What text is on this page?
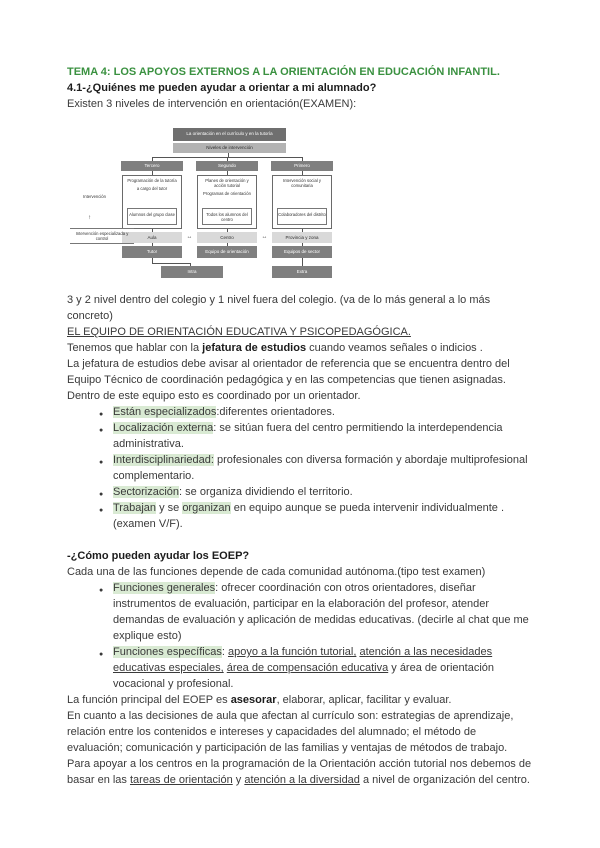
TEMA 4: LOS APOYOS EXTERNOS A LA ORIENTACIÓN EN EDUCACIÓN INFANTIL.
4.1-¿Quiénes me pueden ayudar a orientar a mi alumnado?
Existen 3 niveles de intervención en orientación(EXAMEN):
La orientación en el currículo y en la tutoría
Niveles de intervención
Tercero	Segundo	Primero
Programación de la tutoría
a cargo del tutor
Alumnos del grupo clase
Planes de orientación y acción tutorial
Programas de orientación
Todos los alumnos del centro
Intervención social y comunitaria
Colaboradores del distrito
Aula	Centro	Provincia y zona
↔	↔
Tutor	Equipo de orientación	Equipos de sector
Intra	Extra
Intervención
↑
Intervención especializada y control
3 y 2 nivel dentro del colegio y 1 nivel fuera del colegio. (va de lo más general a lo más concreto)
EL EQUIPO DE ORIENTACIÓN EDUCATIVA Y PSICOPEDAGÓGICA.
Tenemos que hablar con la jefatura de estudios cuando veamos señales o indicios .
La jefatura de estudios debe avisar al orientador de referencia que se encuentra dentro del Equipo Técnico de coordinación pedagógica y en las competencias que tienen asignadas. Dentro de este equipo esto es coordinado por un orientador.
● Están especializados:diferentes orientadores.
● Localización externa: se sitúan fuera del centro permitiendo la interdependencia administrativa.
● Interdisciplinariedad: profesionales con diversa formación y abordaje multiprofesional complementario.
● Sectorización: se organiza dividiendo el territorio.
● Trabajan y se organizan en equipo aunque se pueda intervenir individualmente . (examen V/F).
-¿Cómo pueden ayudar los EOEP?
Cada una de las funciones depende de cada comunidad autónoma.(tipo test examen)
● Funciones generales: ofrecer coordinación con otros orientadores, diseñar instrumentos de evaluación, participar en la elaboración del profesor, atender demandas de evaluación y aplicación de medidas educativas. (decirle al chat que me explique esto)
● Funciones específicas: apoyo a la función tutorial, atención a las necesidades educativas especiales, área de compensación educativa y área de orientación vocacional y profesional.
La función principal del EOEP es asesorar, elaborar, aplicar, facilitar y evaluar.
En cuanto a las decisiones de aula que afectan al currículo son: estrategias de aprendizaje, relación entre los contenidos e intereses y capacidades del alumnado; el método de evaluación; comunicación y participación de las familias y ventajas de métodos de trabajo.
Para apoyar a los centros en la programación de la Orientación acción tutorial nos debemos de basar en las tareas de orientación y atención a la diversidad a nivel de organización del centro.
